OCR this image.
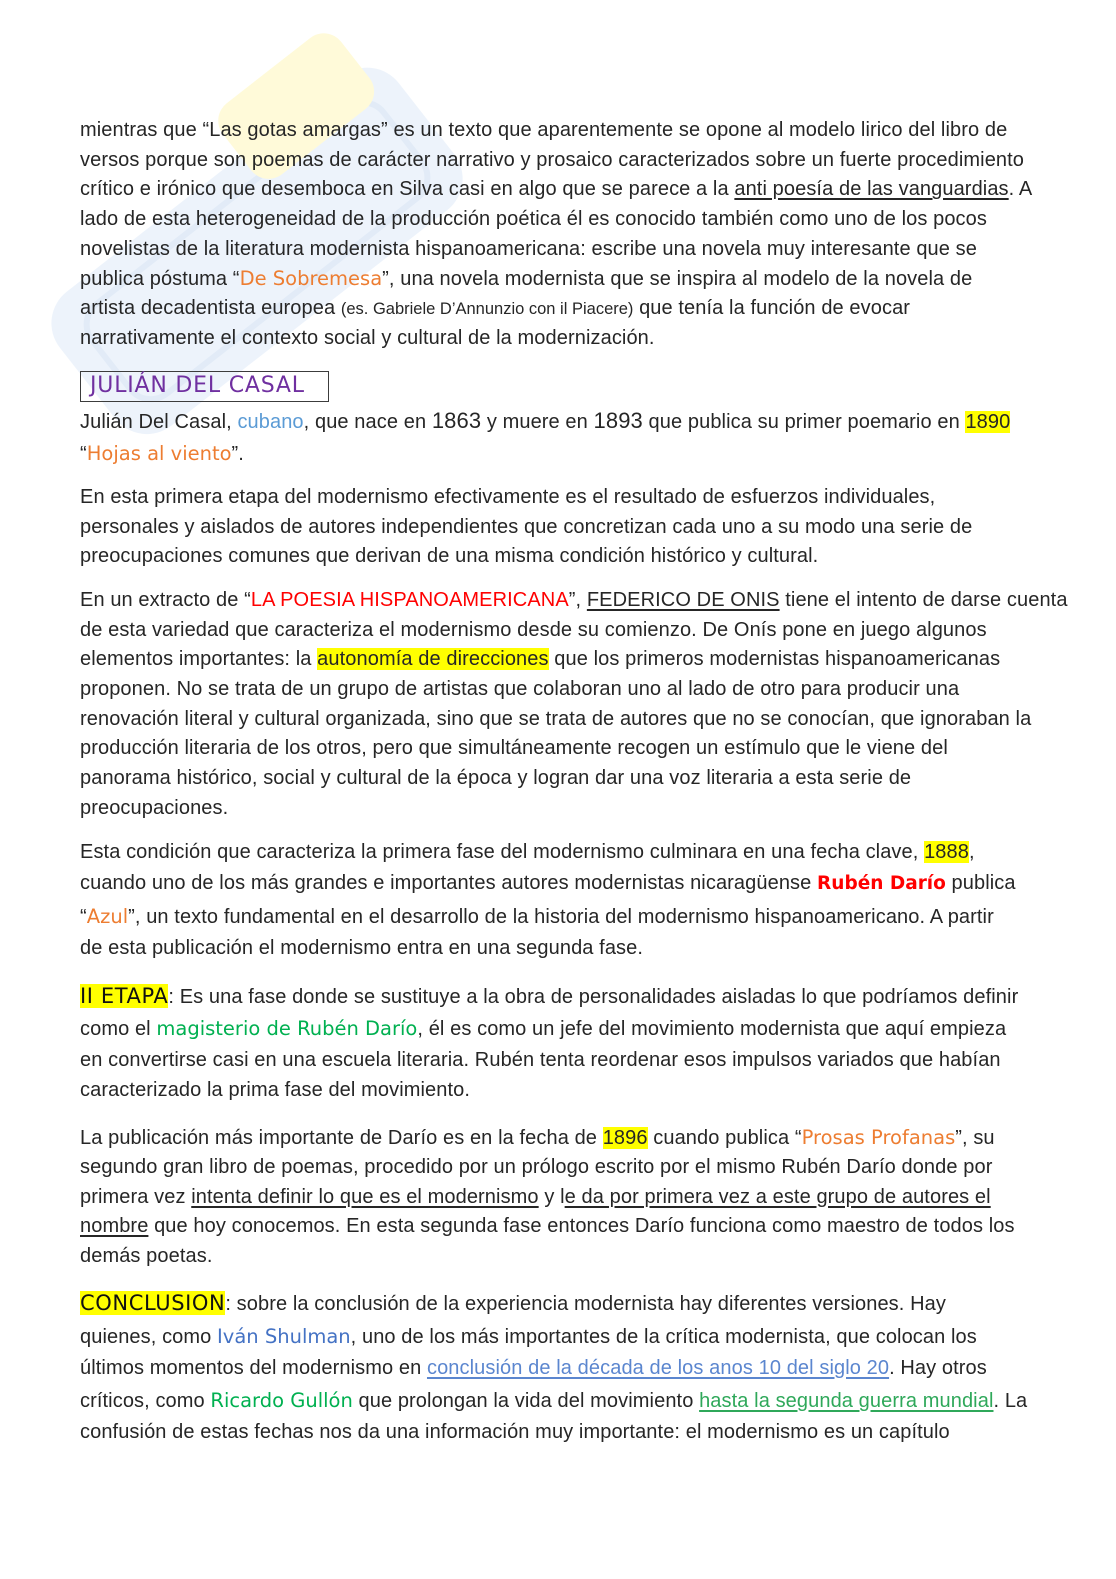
mientras que “Las gotas amargas” es un texto que aparentemente se opone al modelo lirico del libro de
versos porque son poemas de carácter narrativo y prosaico caracterizados sobre un fuerte procedimiento
crítico e irónico que desemboca en Silva casi en algo que se parece a la anti poesía de las vanguardias. A
lado de esta heterogeneidad de la producción poética él es conocido también como uno de los pocos
novelistas de la literatura modernista hispanoamericana: escribe una novela muy interesante que se
publica póstuma “De Sobremesa”, una novela modernista que se inspira al modelo de la novela de
artista decadentista europea (es. Gabriele D’Annunzio con il Piacere) que tenía la función de evocar
narrativamente el contexto social y cultural de la modernización.
JULIÁN DEL CASAL
Julián Del Casal, cubano, que nace en 1863 y muere en 1893 que publica su primer poemario en 1890
“Hojas al viento”.
En esta primera etapa del modernismo efectivamente es el resultado de esfuerzos individuales,
personales y aislados de autores independientes que concretizan cada uno a su modo una serie de
preocupaciones comunes que derivan de una misma condición histórico y cultural.
En un extracto de “LA POESIA HISPANOAMERICANA”, FEDERICO DE ONIS tiene el intento de darse cuenta
de esta variedad que caracteriza el modernismo desde su comienzo. De Onís pone en juego algunos
elementos importantes: la autonomía de direcciones que los primeros modernistas hispanoamericanas
proponen. No se trata de un grupo de artistas que colaboran uno al lado de otro para producir una
renovación literal y cultural organizada, sino que se trata de autores que no se conocían, que ignoraban la
producción literaria de los otros, pero que simultáneamente recogen un estímulo que le viene del
panorama histórico, social y cultural de la época y logran dar una voz literaria a esta serie de
preocupaciones.
Esta condición que caracteriza la primera fase del modernismo culminara en una fecha clave, 1888,
cuando uno de los más grandes e importantes autores modernistas nicaragüense Rubén Darío publica
“Azul”, un texto fundamental en el desarrollo de la historia del modernismo hispanoamericano. A partir
de esta publicación el modernismo entra en una segunda fase.
II ETAPA: Es una fase donde se sustituye a la obra de personalidades aisladas lo que podríamos definir
como el magisterio de Rubén Darío, él es como un jefe del movimiento modernista que aquí empieza
en convertirse casi en una escuela literaria. Rubén tenta reordenar esos impulsos variados que habían
caracterizado la prima fase del movimiento.
La publicación más importante de Darío es en la fecha de 1896 cuando publica “Prosas Profanas”, su
segundo gran libro de poemas, procedido por un prólogo escrito por el mismo Rubén Darío donde por
primera vez intenta definir lo que es el modernismo y le da por primera vez a este grupo de autores el
nombre que hoy conocemos. En esta segunda fase entonces Darío funciona como maestro de todos los
demás poetas.
CONCLUSION: sobre la conclusión de la experiencia modernista hay diferentes versiones. Hay
quienes, como Iván Shulman, uno de los más importantes de la crítica modernista, que colocan los
últimos momentos del modernismo en conclusión de la década de los anos 10 del siglo 20. Hay otros
críticos, como Ricardo Gullón que prolongan la vida del movimiento hasta la segunda guerra mundial. La
confusión de estas fechas nos da una información muy importante: el modernismo es un capítulo
